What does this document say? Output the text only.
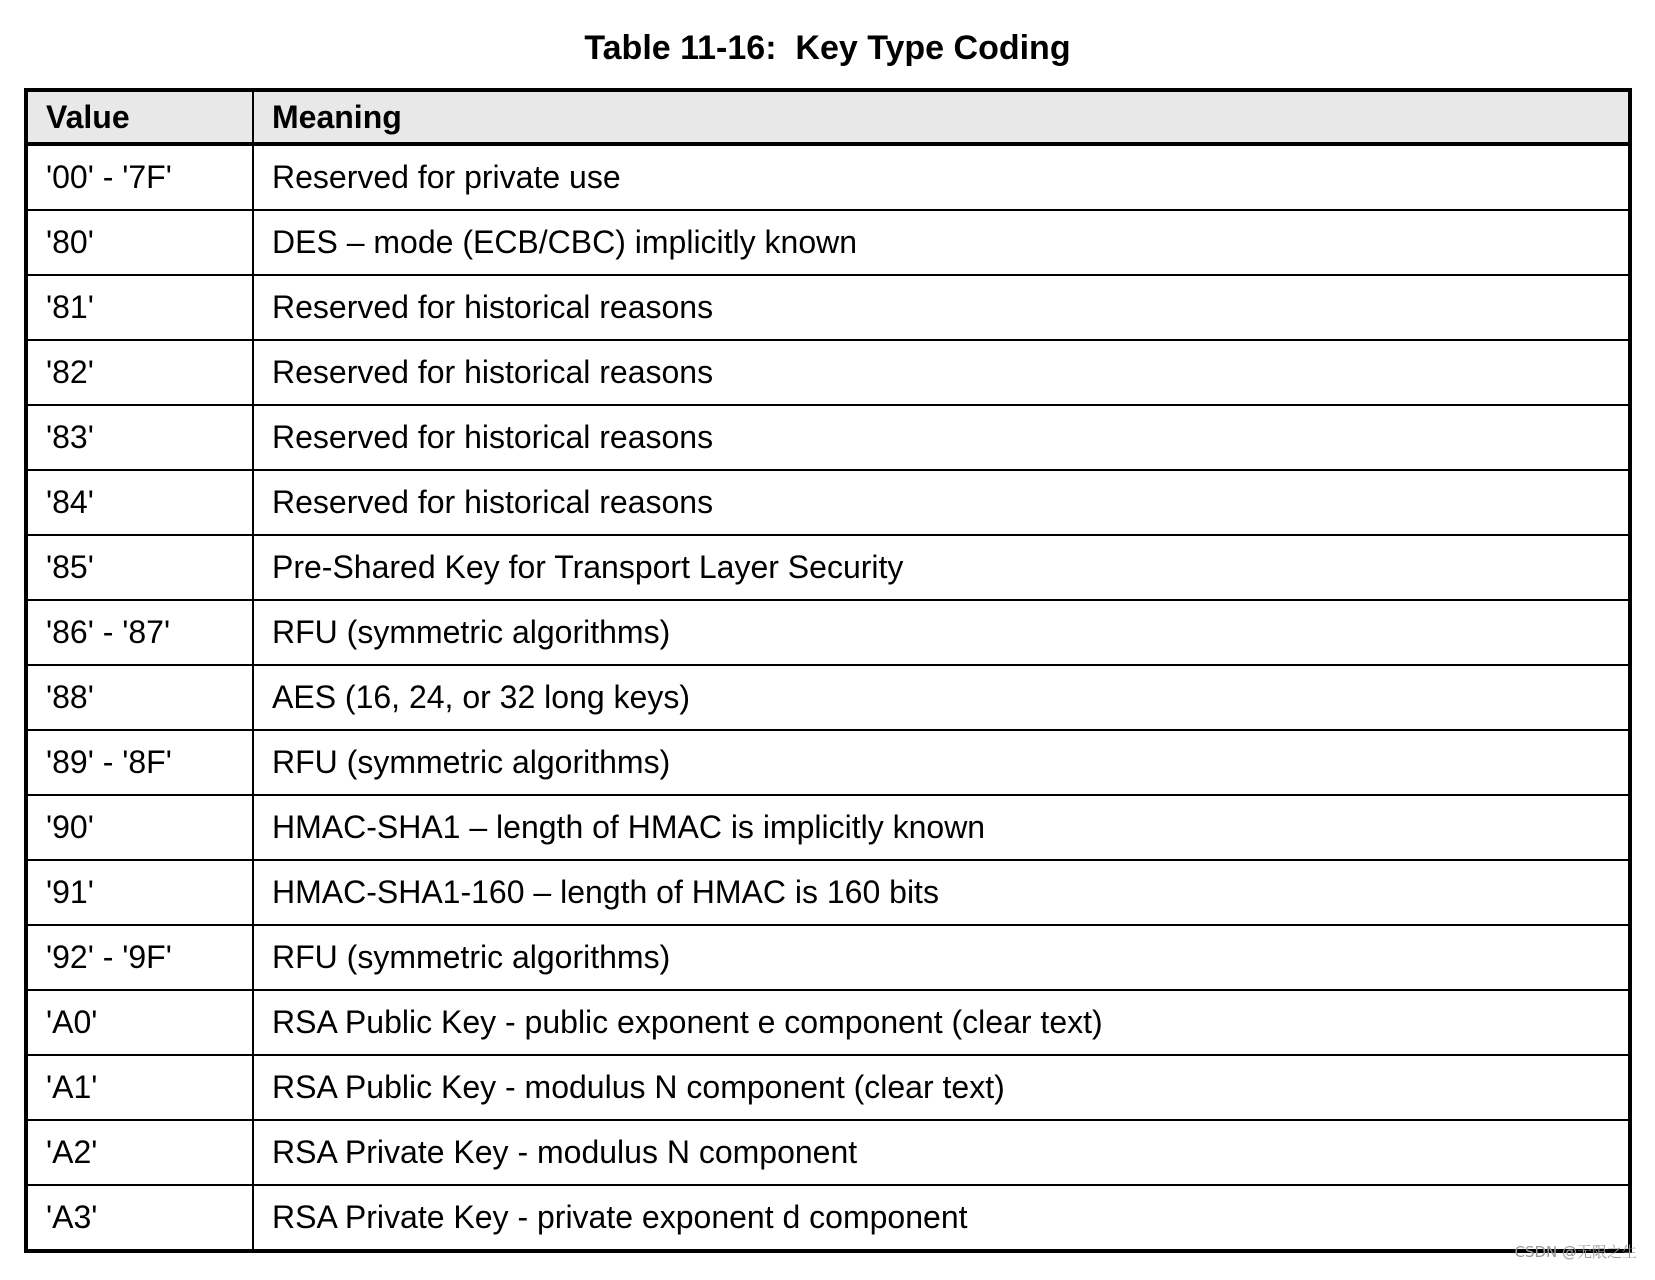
Table 11-16:  Key Type Coding
Value	Meaning
'00' - '7F'	Reserved for private use
'80'	DES – mode (ECB/CBC) implicitly known
'81'	Reserved for historical reasons
'82'	Reserved for historical reasons
'83'	Reserved for historical reasons
'84'	Reserved for historical reasons
'85'	Pre-Shared Key for Transport Layer Security
'86' - '87'	RFU (symmetric algorithms)
'88'	AES (16, 24, or 32 long keys)
'89' - '8F'	RFU (symmetric algorithms)
'90'	HMAC-SHA1 – length of HMAC is implicitly known
'91'	HMAC-SHA1-160 – length of HMAC is 160 bits
'92' - '9F'	RFU (symmetric algorithms)
'A0'	RSA Public Key - public exponent e component (clear text)
'A1'	RSA Public Key - modulus N component (clear text)
'A2'	RSA Private Key - modulus N component
'A3'	RSA Private Key - private exponent d component
CSDN @无限之生
